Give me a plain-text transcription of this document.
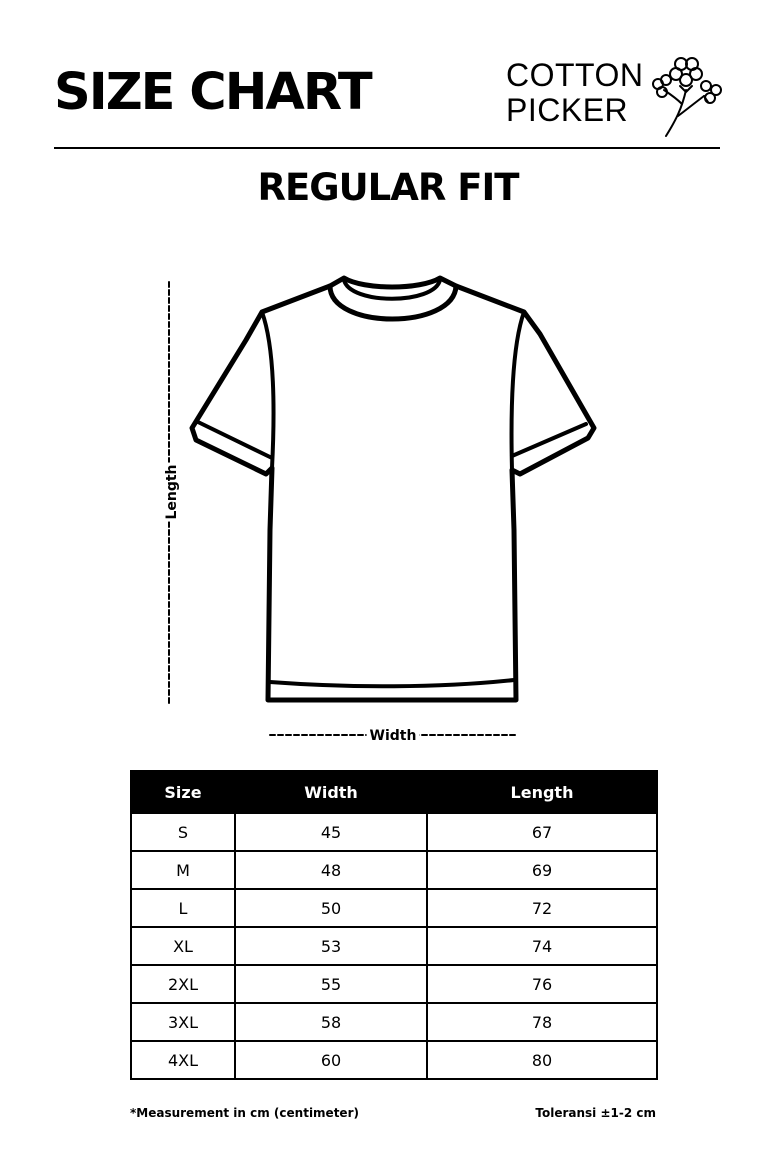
SIZE CHART	COTTON
PICKER
REGULAR FIT
Length
Width
Size	Width	Length
S	45	67
M	48	69
L	50	72
XL	53	74
2XL	55	76
3XL	58	78
4XL	60	80
*Measurement in cm (centimeter)	Toleransi ±1-2 cm
